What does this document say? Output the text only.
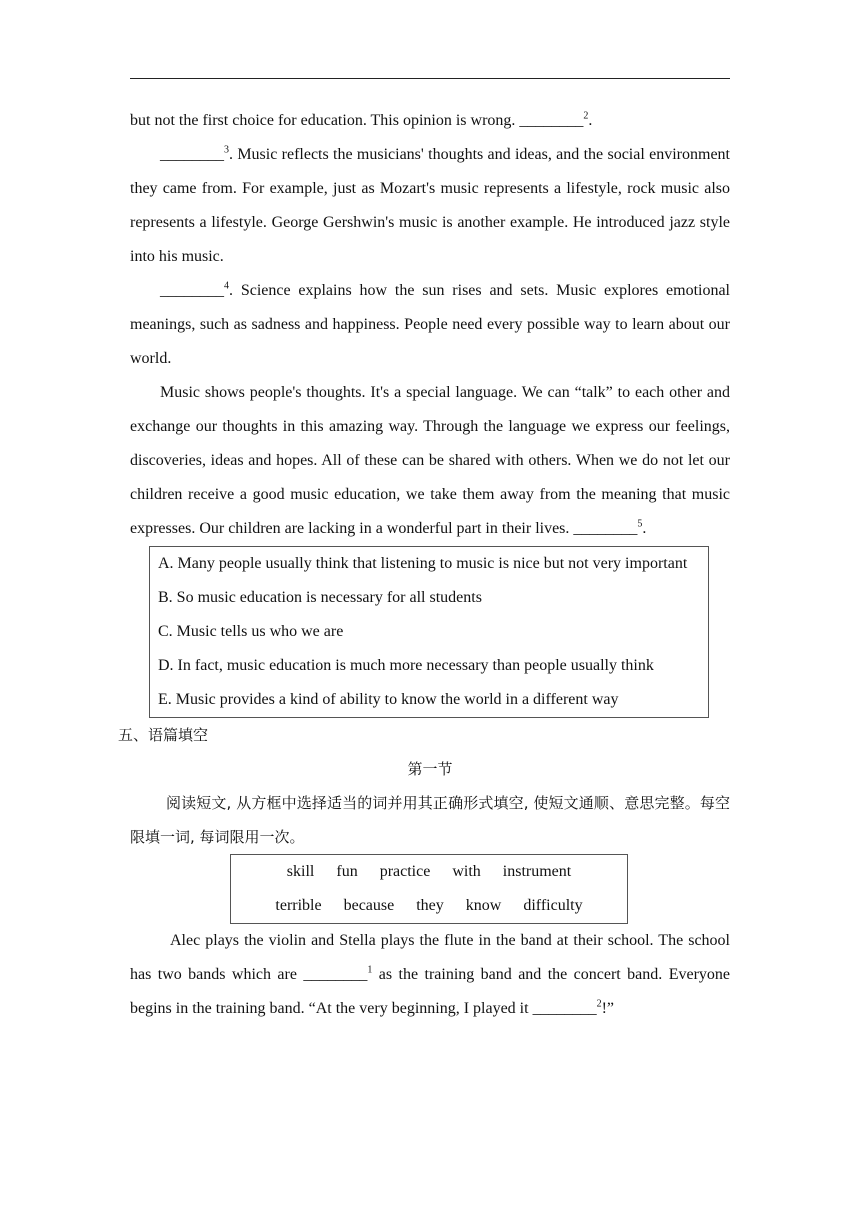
but not the first choice for education. This opinion is wrong. ________$^2$.

________$^3$. Music reflects the musicians' thoughts and ideas, and the social environment they came from. For example, just as Mozart's music represents a lifestyle, rock music also represents a lifestyle. George Gershwin's music is another example. He introduced jazz style into his music.

________$^4$. Science explains how the sun rises and sets. Music explores emotional meanings, such as sadness and happiness. People need every possible way to learn about our world.

Music shows people's thoughts. It's a special language. We can “talk” to each other and exchange our thoughts in this amazing way. Through the language we express our feelings, discoveries, ideas and hopes. All of these can be shared with others. When we do not let our children receive a good music education, we take them away from the meaning that music expresses. Our children are lacking in a wonderful part in their lives. ________$^5$.

A. Many people usually think that listening to music is nice but not very important
B. So music education is necessary for all students
C. Music tells us who we are
D. In fact, music education is much more necessary than people usually think
E. Music provides a kind of ability to know the world in a different way

五、语篇填空

第一节

阅读短文, 从方框中选择适当的词并用其正确形式填空, 使短文通顺、意思完整。每空限填一词, 每词限用一次。

skill fun practice with instrument
terrible because they know difficulty

Alec plays the violin and Stella plays the flute in the band at their school. The school has two bands which are ________$^1$ as the training band and the concert band. Everyone begins in the training band. “At the very beginning, I played it ________$^2$!”
